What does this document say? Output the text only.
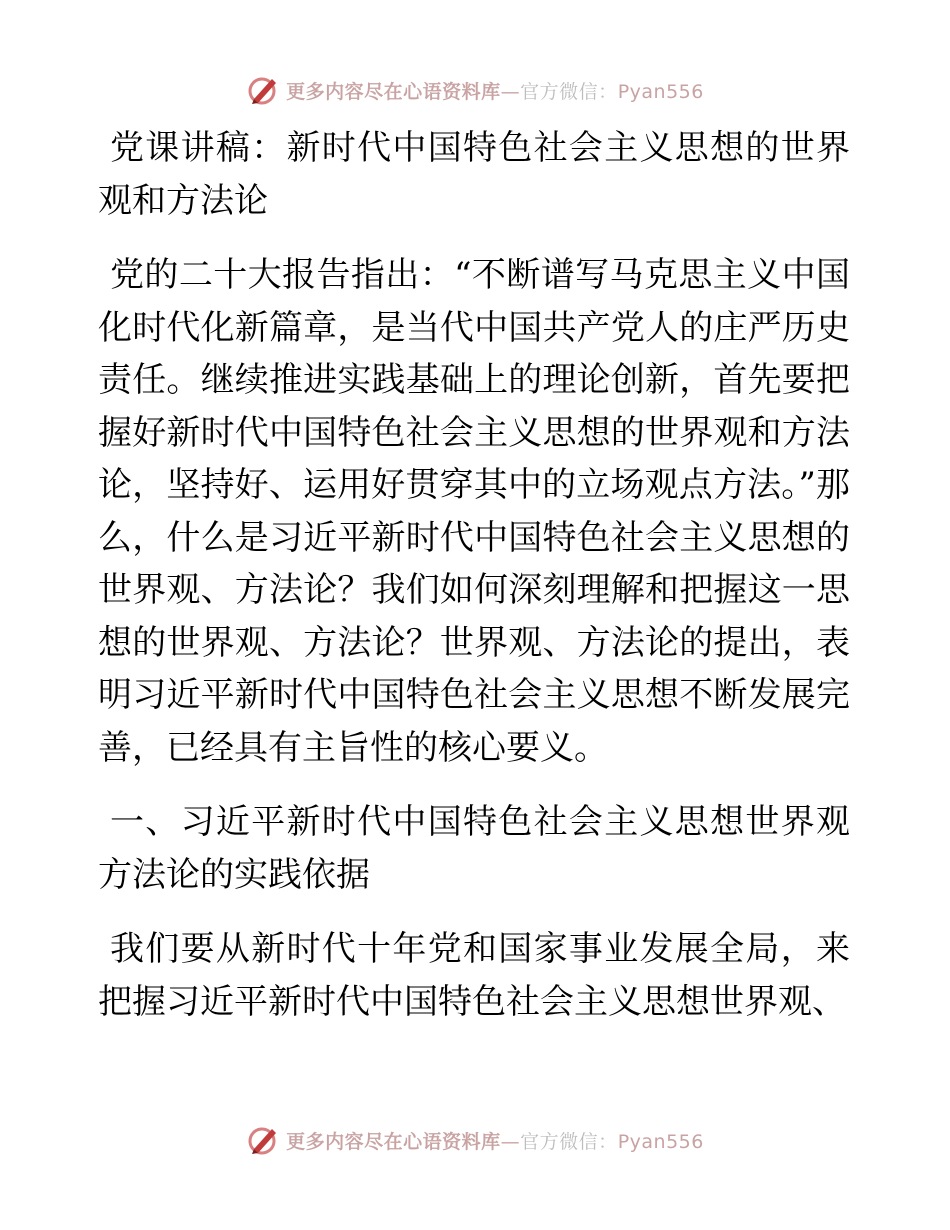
更多内容尽在心语资料库—官方微信：Pyan556

党课讲稿：新时代中国特色社会主义思想的世界观和方法论

党的二十大报告指出：“不断谱写马克思主义中国化时代化新篇章，是当代中国共产党人的庄严历史责任。继续推进实践基础上的理论创新，首先要把握好新时代中国特色社会主义思想的世界观和方法论，坚持好、运用好贯穿其中的立场观点方法。”那么，什么是习近平新时代中国特色社会主义思想的世界观、方法论？我们如何深刻理解和把握这一思想的世界观、方法论？世界观、方法论的提出，表明习近平新时代中国特色社会主义思想不断发展完善，已经具有主旨性的核心要义。

一、习近平新时代中国特色社会主义思想世界观方法论的实践依据

我们要从新时代十年党和国家事业发展全局，来把握习近平新时代中国特色社会主义思想世界观、

更多内容尽在心语资料库—官方微信：Pyan556
